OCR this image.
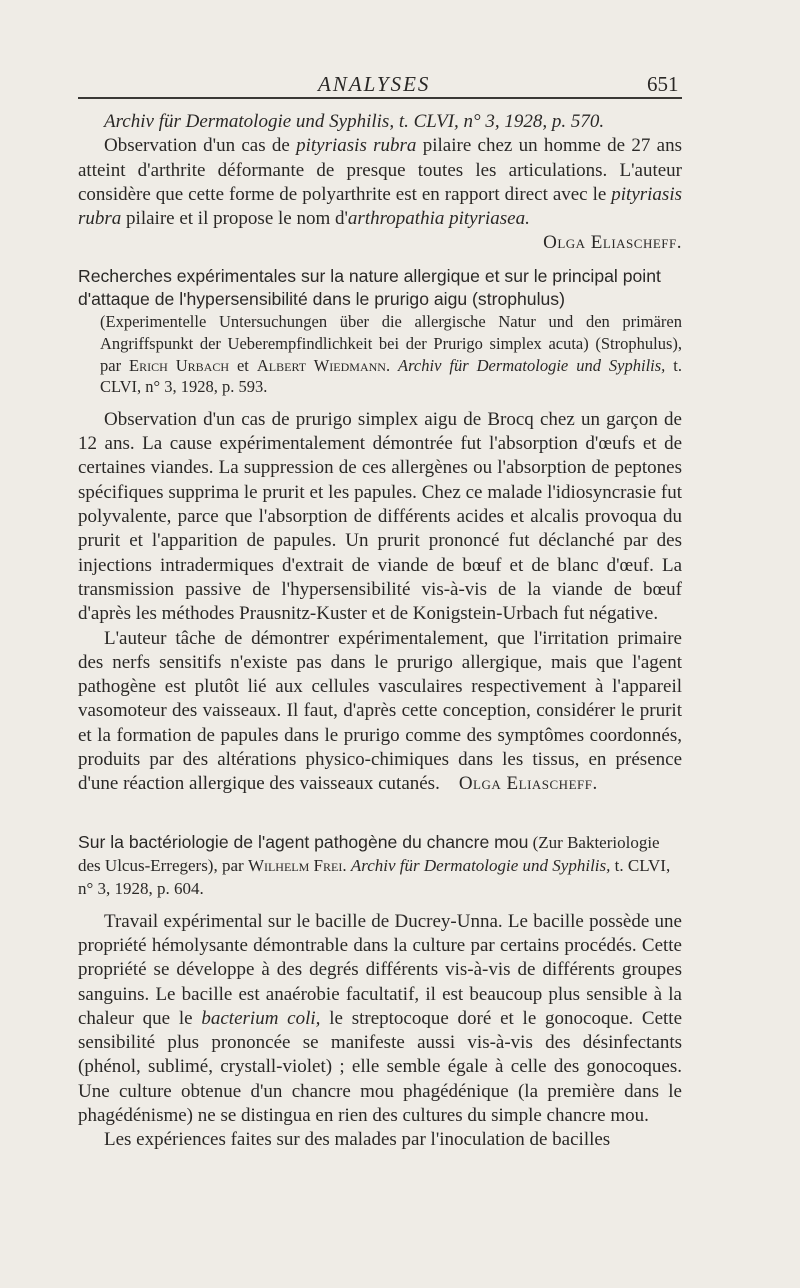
ANALYSES	651

Archiv für Dermatologie und Syphilis, t. CLVI, n° 3, 1928, p. 570.

Observation d'un cas de pityriasis rubra pilaire chez un homme de 27 ans atteint d'arthrite déformante de presque toutes les articulations. L'auteur considère que cette forme de polyarthrite est en rapport direct avec le pityriasis rubra pilaire et il propose le nom d'arthropathia pityriasea.
Olga Eliascheff.

Recherches expérimentales sur la nature allergique et sur le principal point d'attaque de l'hypersensibilité dans le prurigo aigu (strophulus)

(Experimentelle Untersuchungen über die allergische Natur und den primären Angriffspunkt der Ueberempfindlichkeit bei der Prurigo simplex acuta) (Strophulus), par Erich Urbach et Albert Wiedmann. Archiv für Dermatologie und Syphilis, t. CLVI, n° 3, 1928, p. 593.

Observation d'un cas de prurigo simplex aigu de Brocq chez un garçon de 12 ans. La cause expérimentalement démontrée fut l'absorption d'œufs et de certaines viandes. La suppression de ces allergènes ou l'absorption de peptones spécifiques supprima le prurit et les papules. Chez ce malade l'idiosyncrasie fut polyvalente, parce que l'absorption de différents acides et alcalis provoqua du prurit et l'apparition de papules. Un prurit prononcé fut déclanché par des injections intradermiques d'extrait de viande de bœuf et de blanc d'œuf. La transmission passive de l'hypersensibilité vis-à-vis de la viande de bœuf d'après les méthodes Prausnitz-Kuster et de Konigstein-Urbach fut négative.

L'auteur tâche de démontrer expérimentalement, que l'irritation primaire des nerfs sensitifs n'existe pas dans le prurigo allergique, mais que l'agent pathogène est plutôt lié aux cellules vasculaires respectivement à l'appareil vasomoteur des vaisseaux. Il faut, d'après cette conception, considérer le prurit et la formation de papules dans le prurigo comme des symptômes coordonnés, produits par des altérations physico-chimiques dans les tissus, en présence d'une réaction allergique des vaisseaux cutanés. Olga Eliascheff.

Sur la bactériologie de l'agent pathogène du chancre mou (Zur Bakteriologie des Ulcus-Erregers), par Wilhelm Frei. Archiv für Dermatologie und Syphilis, t. CLVI, n° 3, 1928, p. 604.

Travail expérimental sur le bacille de Ducrey-Unna. Le bacille possède une propriété hémolysante démontrable dans la culture par certains procédés. Cette propriété se développe à des degrés différents vis-à-vis de différents groupes sanguins. Le bacille est anaérobie facultatif, il est beaucoup plus sensible à la chaleur que le bacterium coli, le streptocoque doré et le gonocoque. Cette sensibilité plus prononcée se manifeste aussi vis-à-vis des désinfectants (phénol, sublimé, crystall-violet) ; elle semble égale à celle des gonocoques. Une culture obtenue d'un chancre mou phagédénique (la première dans le phagédénisme) ne se distingua en rien des cultures du simple chancre mou.

Les expériences faites sur des malades par l'inoculation de bacilles
